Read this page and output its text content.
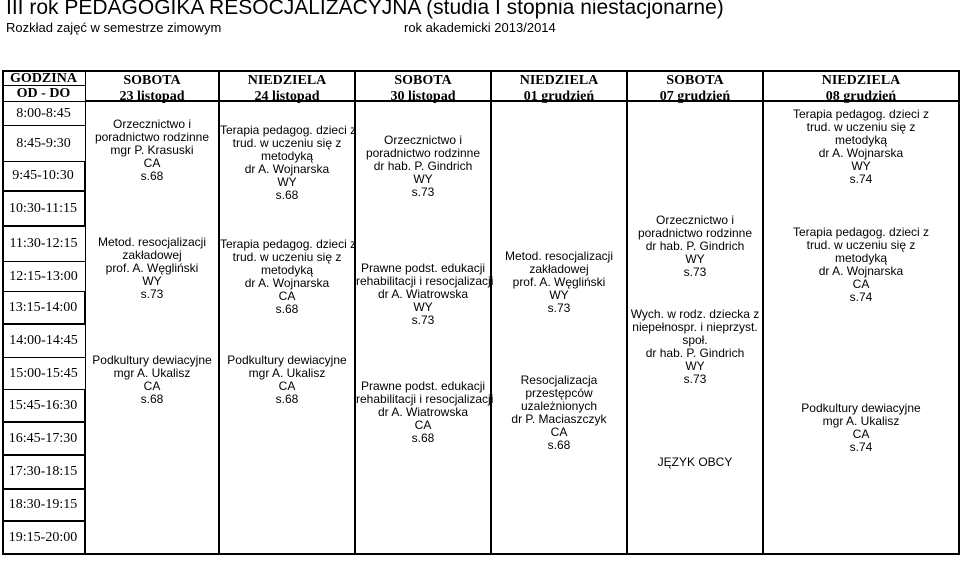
III rok PEDAGOGIKA RESOCJALIZACYJNA (studia I stopnia niestacjonarne)
Rozkład zajęć w semestrze zimowym	rok akademicki 2013/2014
GODZINA
OD - DO
8:00-8:45
8:45-9:30
9:45-10:30
10:30-11:15
11:30-12:15
12:15-13:00
13:15-14:00
14:00-14:45
15:00-15:45
15:45-16:30
16:45-17:30
17:30-18:15
18:30-19:15
19:15-20:00
SOBOTA
23 listopad
Orzecznictwo i
poradnictwo rodzinne
mgr P. Krasuski
CA
s.68
Metod. resocjalizacji
zakładowej
prof. A. Węgliński
WY
s.73
Podkultury dewiacyjne
mgr A. Ukalisz
CA
s.68
NIEDZIELA
24 listopad
Terapia pedagog. dzieci z
trud. w uczeniu się z
metodyką
dr A. Wojnarska
WY
s.68
Terapia pedagog. dzieci z
trud. w uczeniu się z
metodyką
dr A. Wojnarska
CA
s.68
Podkultury dewiacyjne
mgr A. Ukalisz
CA
s.68
SOBOTA
30 listopad
Orzecznictwo i
poradnictwo rodzinne
dr hab. P. Gindrich
WY
s.73
Prawne podst. edukacji
rehabilitacji i resocjalizacji
dr A. Wiatrowska
WY
s.73
Prawne podst. edukacji
rehabilitacji i resocjalizacji
dr A. Wiatrowska
CA
s.68
NIEDZIELA
01 grudzień
Metod. resocjalizacji
zakładowej
prof. A. Węgliński
WY
s.73
Resocjalizacja
przestępców
uzależnionych
dr P. Maciaszczyk
CA
s.68
SOBOTA
07 grudzień
Orzecznictwo i
poradnictwo rodzinne
dr hab. P. Gindrich
WY
s.73
Wych. w rodz. dziecka z
niepełnospr. i nieprzyst.
społ.
dr hab. P. Gindrich
WY
s.73
JĘZYK OBCY
NIEDZIELA
08 grudzień
Terapia pedagog. dzieci z
trud. w uczeniu się z
metodyką
dr A. Wojnarska
WY
s.74
Terapia pedagog. dzieci z
trud. w uczeniu się z
metodyką
dr A. Wojnarska
CA
s.74
Podkultury dewiacyjne
mgr A. Ukalisz
CA
s.74
